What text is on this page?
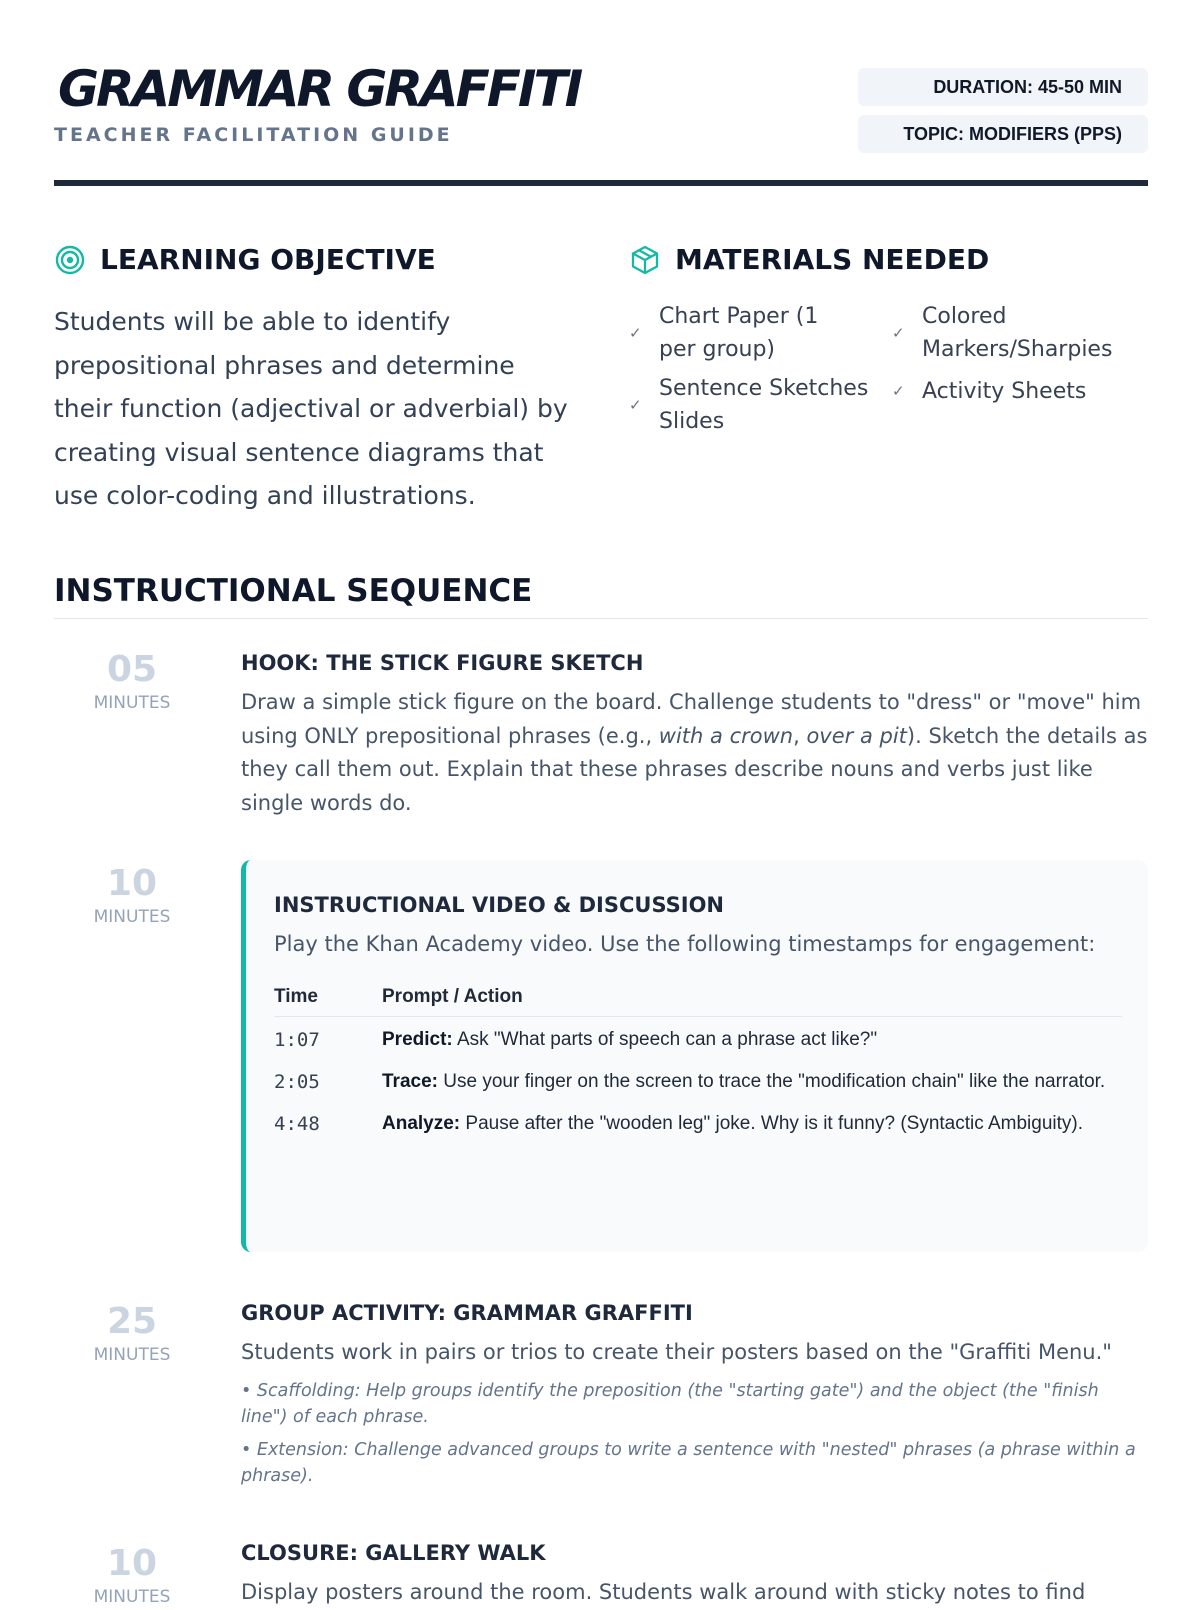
GRAMMAR GRAFFITI
TEACHER FACILITATION GUIDE
DURATION: 45-50 MIN
TOPIC: MODIFIERS (PPS)
LEARNING OBJECTIVE

Students will be able to identify prepositional phrases and determine their function (adjectival or adverbial) by creating visual sentence diagrams that use color-coding and illustrations.

MATERIALS NEEDED
✓
Chart Paper (1 per group)
✓
Sentence Sketches Slides
✓
Colored Markers/Sharpies
✓ Activity Sheets
INSTRUCTIONAL SEQUENCE
05
MINUTES
HOOK: THE STICK FIGURE SKETCH

Draw a simple stick figure on the board. Challenge students to "dress" or "move" him using ONLY prepositional phrases (e.g., with a crown, over a pit). Sketch the details as they call them out. Explain that these phrases describe nouns and verbs just like single words do.

10
MINUTES	INSTRUCTIONAL VIDEO & DISCUSSION

Play the Khan Academy video. Use the following timestamps for engagement:

Time	Prompt / Action
1:07	Predict: Ask "What parts of speech can a phrase act like?"
2:05	Trace: Use your finger on the screen to trace the "modification chain" like the narrator.
4:48	Analyze: Pause after the "wooden leg" joke. Why is it funny? (Syntactic Ambiguity).
25
MINUTES
GROUP ACTIVITY: GRAMMAR GRAFFITI

Students work in pairs or trios to create their posters based on the "Graffiti Menu."

• Scaffolding: Help groups identify the preposition (the "starting gate") and the object (the "finish line") of each phrase.

• Extension: Challenge advanced groups to write a sentence with "nested" phrases (a phrase within a phrase).

10
MINUTES
CLOSURE: GALLERY WALK

Display posters around the room. Students walk around with sticky notes to find
